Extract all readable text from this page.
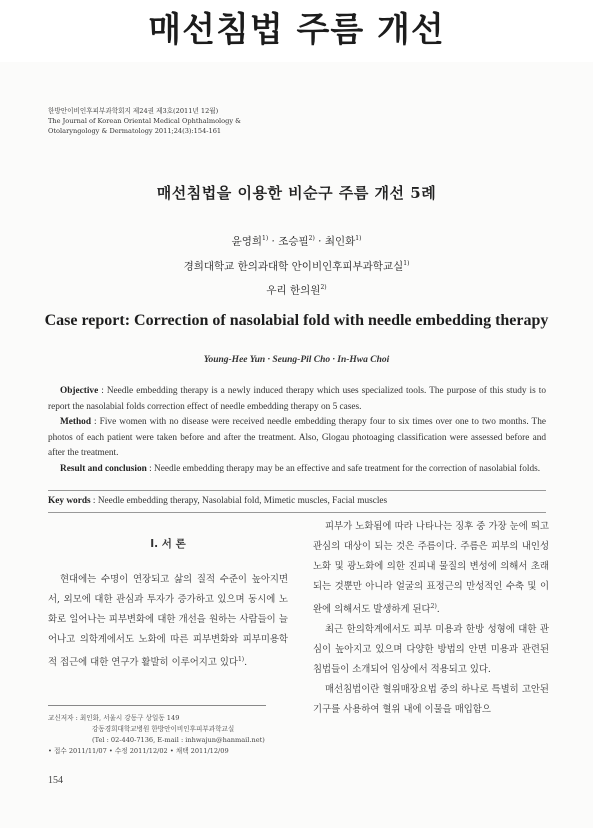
매선침법 주름 개선
한방안이비인후피부과학회지 제24권 제3호(2011년 12월)
The Journal of Korean Oriental Medical Ophthalmology &
Otolaryngology & Dermatology 2011;24(3):154-161
매선침법을 이용한 비순구 주름 개선 5례
윤영희$^{1)}$ · 조승필$^{2)}$ · 최인화$^{1)}$
경희대학교 한의과대학 안이비인후피부과학교실$^{1)}$
우리 한의원$^{2)}$
Case report: Correction of nasolabial fold with needle embedding therapy
Young-Hee Yun · Seung-Pil Cho · In-Hwa Choi

Objective : Needle embedding therapy is a newly induced therapy which uses specialized tools. The purpose of this study is to report the nasolabial folds correction effect of needle embedding therapy on 5 cases.

Method : Five women with no disease were received needle embedding therapy four to six times over one to two months. The photos of each patient were taken before and after the treatment. Also, Glogau photoaging classification were assessed before and after the treatment.

Result and conclusion : Needle embedding therapy may be an effective and safe treatment for the correction of nasolabial folds.

Key words : Needle embedding therapy, Nasolabial fold, Mimetic muscles, Facial muscles
Ⅰ. 서 론

현대에는 수명이 연장되고 삶의 질적 수준이 높아지면서, 외모에 대한 관심과 투자가 증가하고 있으며 동시에 노화로 일어나는 피부변화에 대한 개선을 원하는 사람들이 늘어나고 의학계에서도 노화에 따른 피부변화와 피부미용학적 접근에 대한 연구가 활발히 이루어지고 있다$^{1)}$.

교신저자 : 최인화, 서울시 강동구 상일동 149
강동경희대학교병원 한방안이비인후피부과학교실
(Tel : 02-440-7136, E-mail : inhwajun@hanmail.net)
• 접수 2011/11/07 • 수정 2011/12/02 • 채택 2011/12/09

피부가 노화됨에 따라 나타나는 징후 중 가장 눈에 띄고 관심의 대상이 되는 것은 주름이다. 주름은 피부의 내인성 노화 및 광노화에 의한 진피내 물질의 변성에 의해서 초래되는 것뿐만 아니라 얼굴의 표정근의 만성적인 수축 및 이완에 의해서도 발생하게 된다$^{2)}$.

최근 한의학계에서도 피부 미용과 한방 성형에 대한 관심이 높아지고 있으며 다양한 방법의 안면 미용과 관련된 침법들이 소개되어 임상에서 적용되고 있다.

매선침법이란 혈위매장요법 중의 하나로 특별히 고안된 기구를 사용하여 혈위 내에 이물을 매입함으

154
